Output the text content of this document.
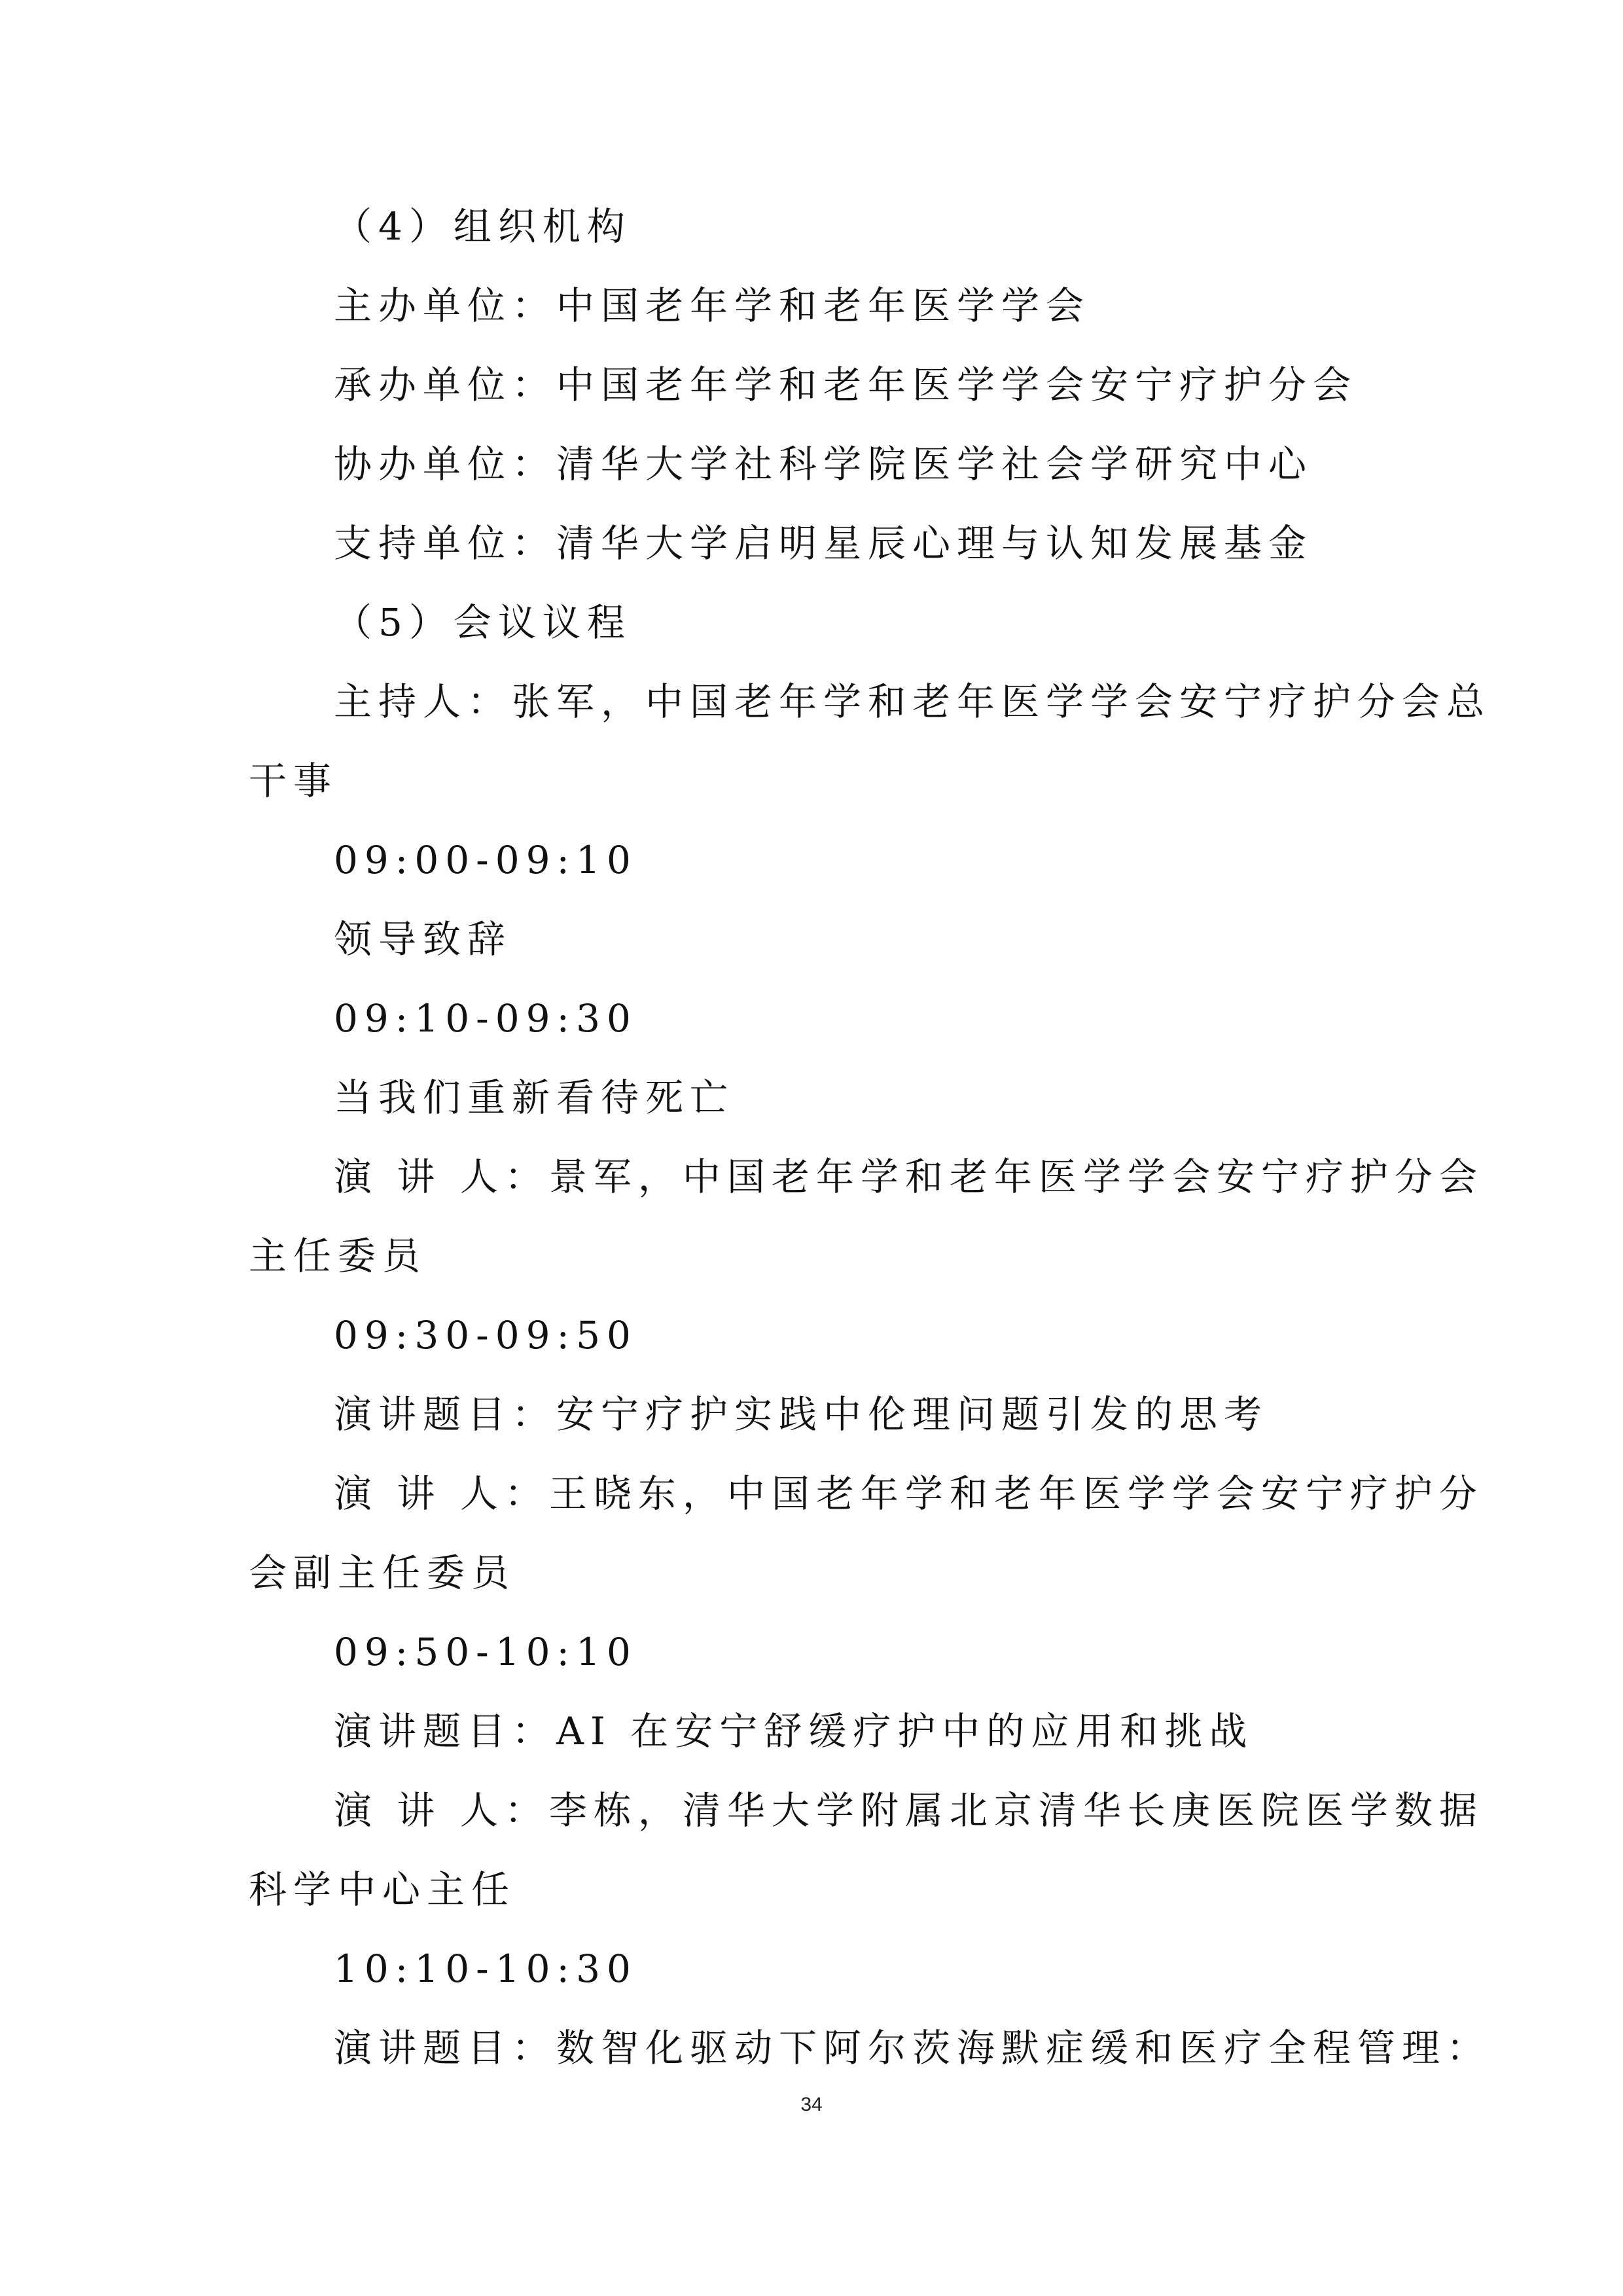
（4）组织机构
主办单位：中国老年学和老年医学学会
承办单位：中国老年学和老年医学学会安宁疗护分会
协办单位：清华大学社科学院医学社会学研究中心
支持单位：清华大学启明星辰心理与认知发展基金
（5）会议议程
主持人：张军，中国老年学和老年医学学会安宁疗护分会总
干事
09:00-09:10
领导致辞
09:10-09:30
当我们重新看待死亡
演 讲 人：景军，中国老年学和老年医学学会安宁疗护分会
主任委员
09:30-09:50
演讲题目：安宁疗护实践中伦理问题引发的思考
演 讲 人：王晓东，中国老年学和老年医学学会安宁疗护分
会副主任委员
09:50-10:10
演讲题目：AI 在安宁舒缓疗护中的应用和挑战
演 讲 人：李栋，清华大学附属北京清华长庚医院医学数据
科学中心主任
10:10-10:30
演讲题目：数智化驱动下阿尔茨海默症缓和医疗全程管理：
34
